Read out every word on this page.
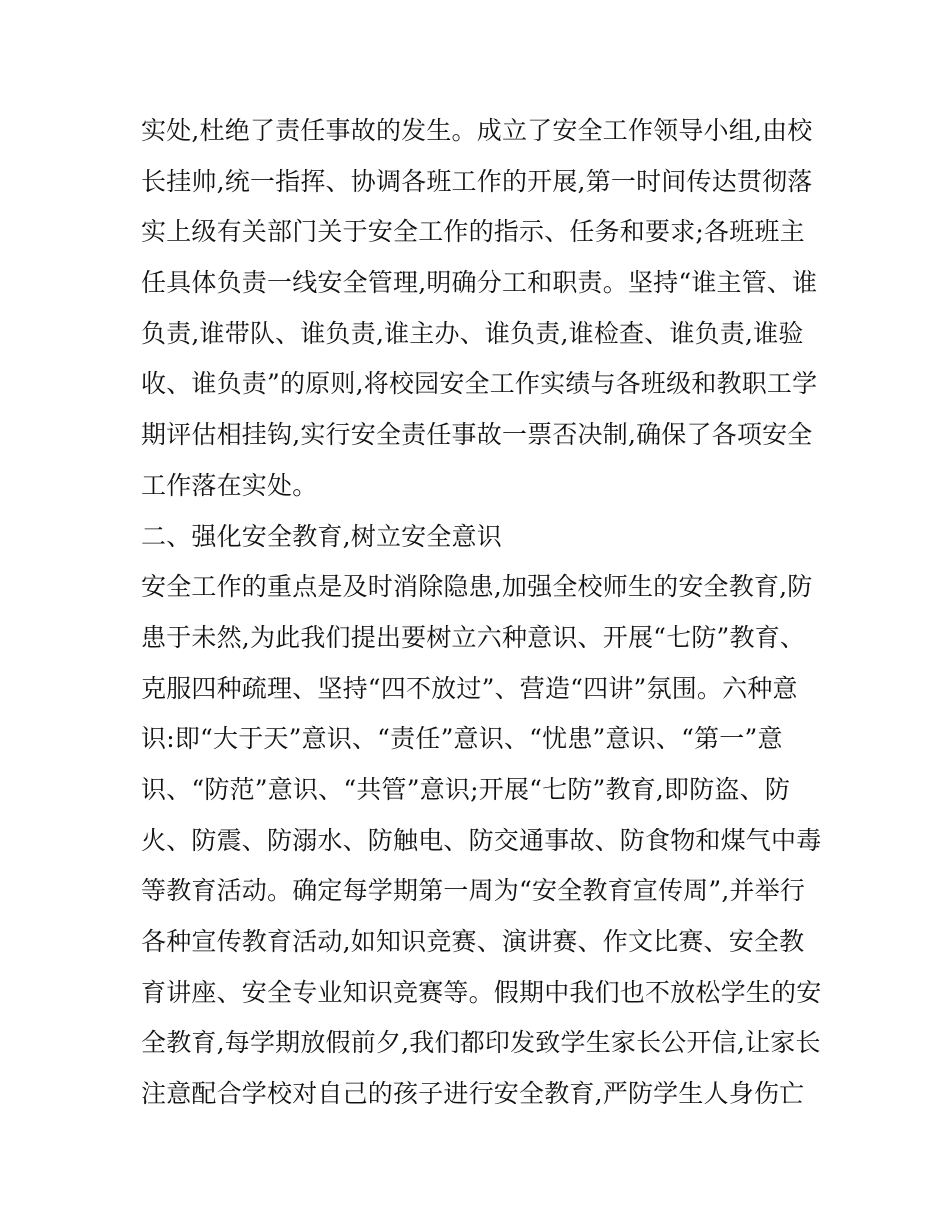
实处,杜绝了责任事故的发生。成立了安全工作领导小组,由校
长挂帅,统一指挥、协调各班工作的开展,第一时间传达贯彻落
实上级有关部门关于安全工作的指示、任务和要求;各班班主
任具体负责一线安全管理,明确分工和职责。坚持“谁主管、谁
负责,谁带队、谁负责,谁主办、谁负责,谁检查、谁负责,谁验
收、谁负责”的原则,将校园安全工作实绩与各班级和教职工学
期评估相挂钩,实行安全责任事故一票否决制,确保了各项安全
工作落在实处。
二、强化安全教育,树立安全意识
安全工作的重点是及时消除隐患,加强全校师生的安全教育,防
患于未然,为此我们提出要树立六种意识、开展“七防”教育、
克服四种疏理、坚持“四不放过”、营造“四讲”氛围。六种意
识:即“大于天”意识、“责任”意识、“忧患”意识、“第一”意
识、“防范”意识、“共管”意识;开展“七防”教育,即防盗、防
火、防震、防溺水、防触电、防交通事故、防食物和煤气中毒
等教育活动。确定每学期第一周为“安全教育宣传周”,并举行
各种宣传教育活动,如知识竞赛、演讲赛、作文比赛、安全教
育讲座、安全专业知识竞赛等。假期中我们也不放松学生的安
全教育,每学期放假前夕,我们都印发致学生家长公开信,让家长
注意配合学校对自己的孩子进行安全教育,严防学生人身伤亡
